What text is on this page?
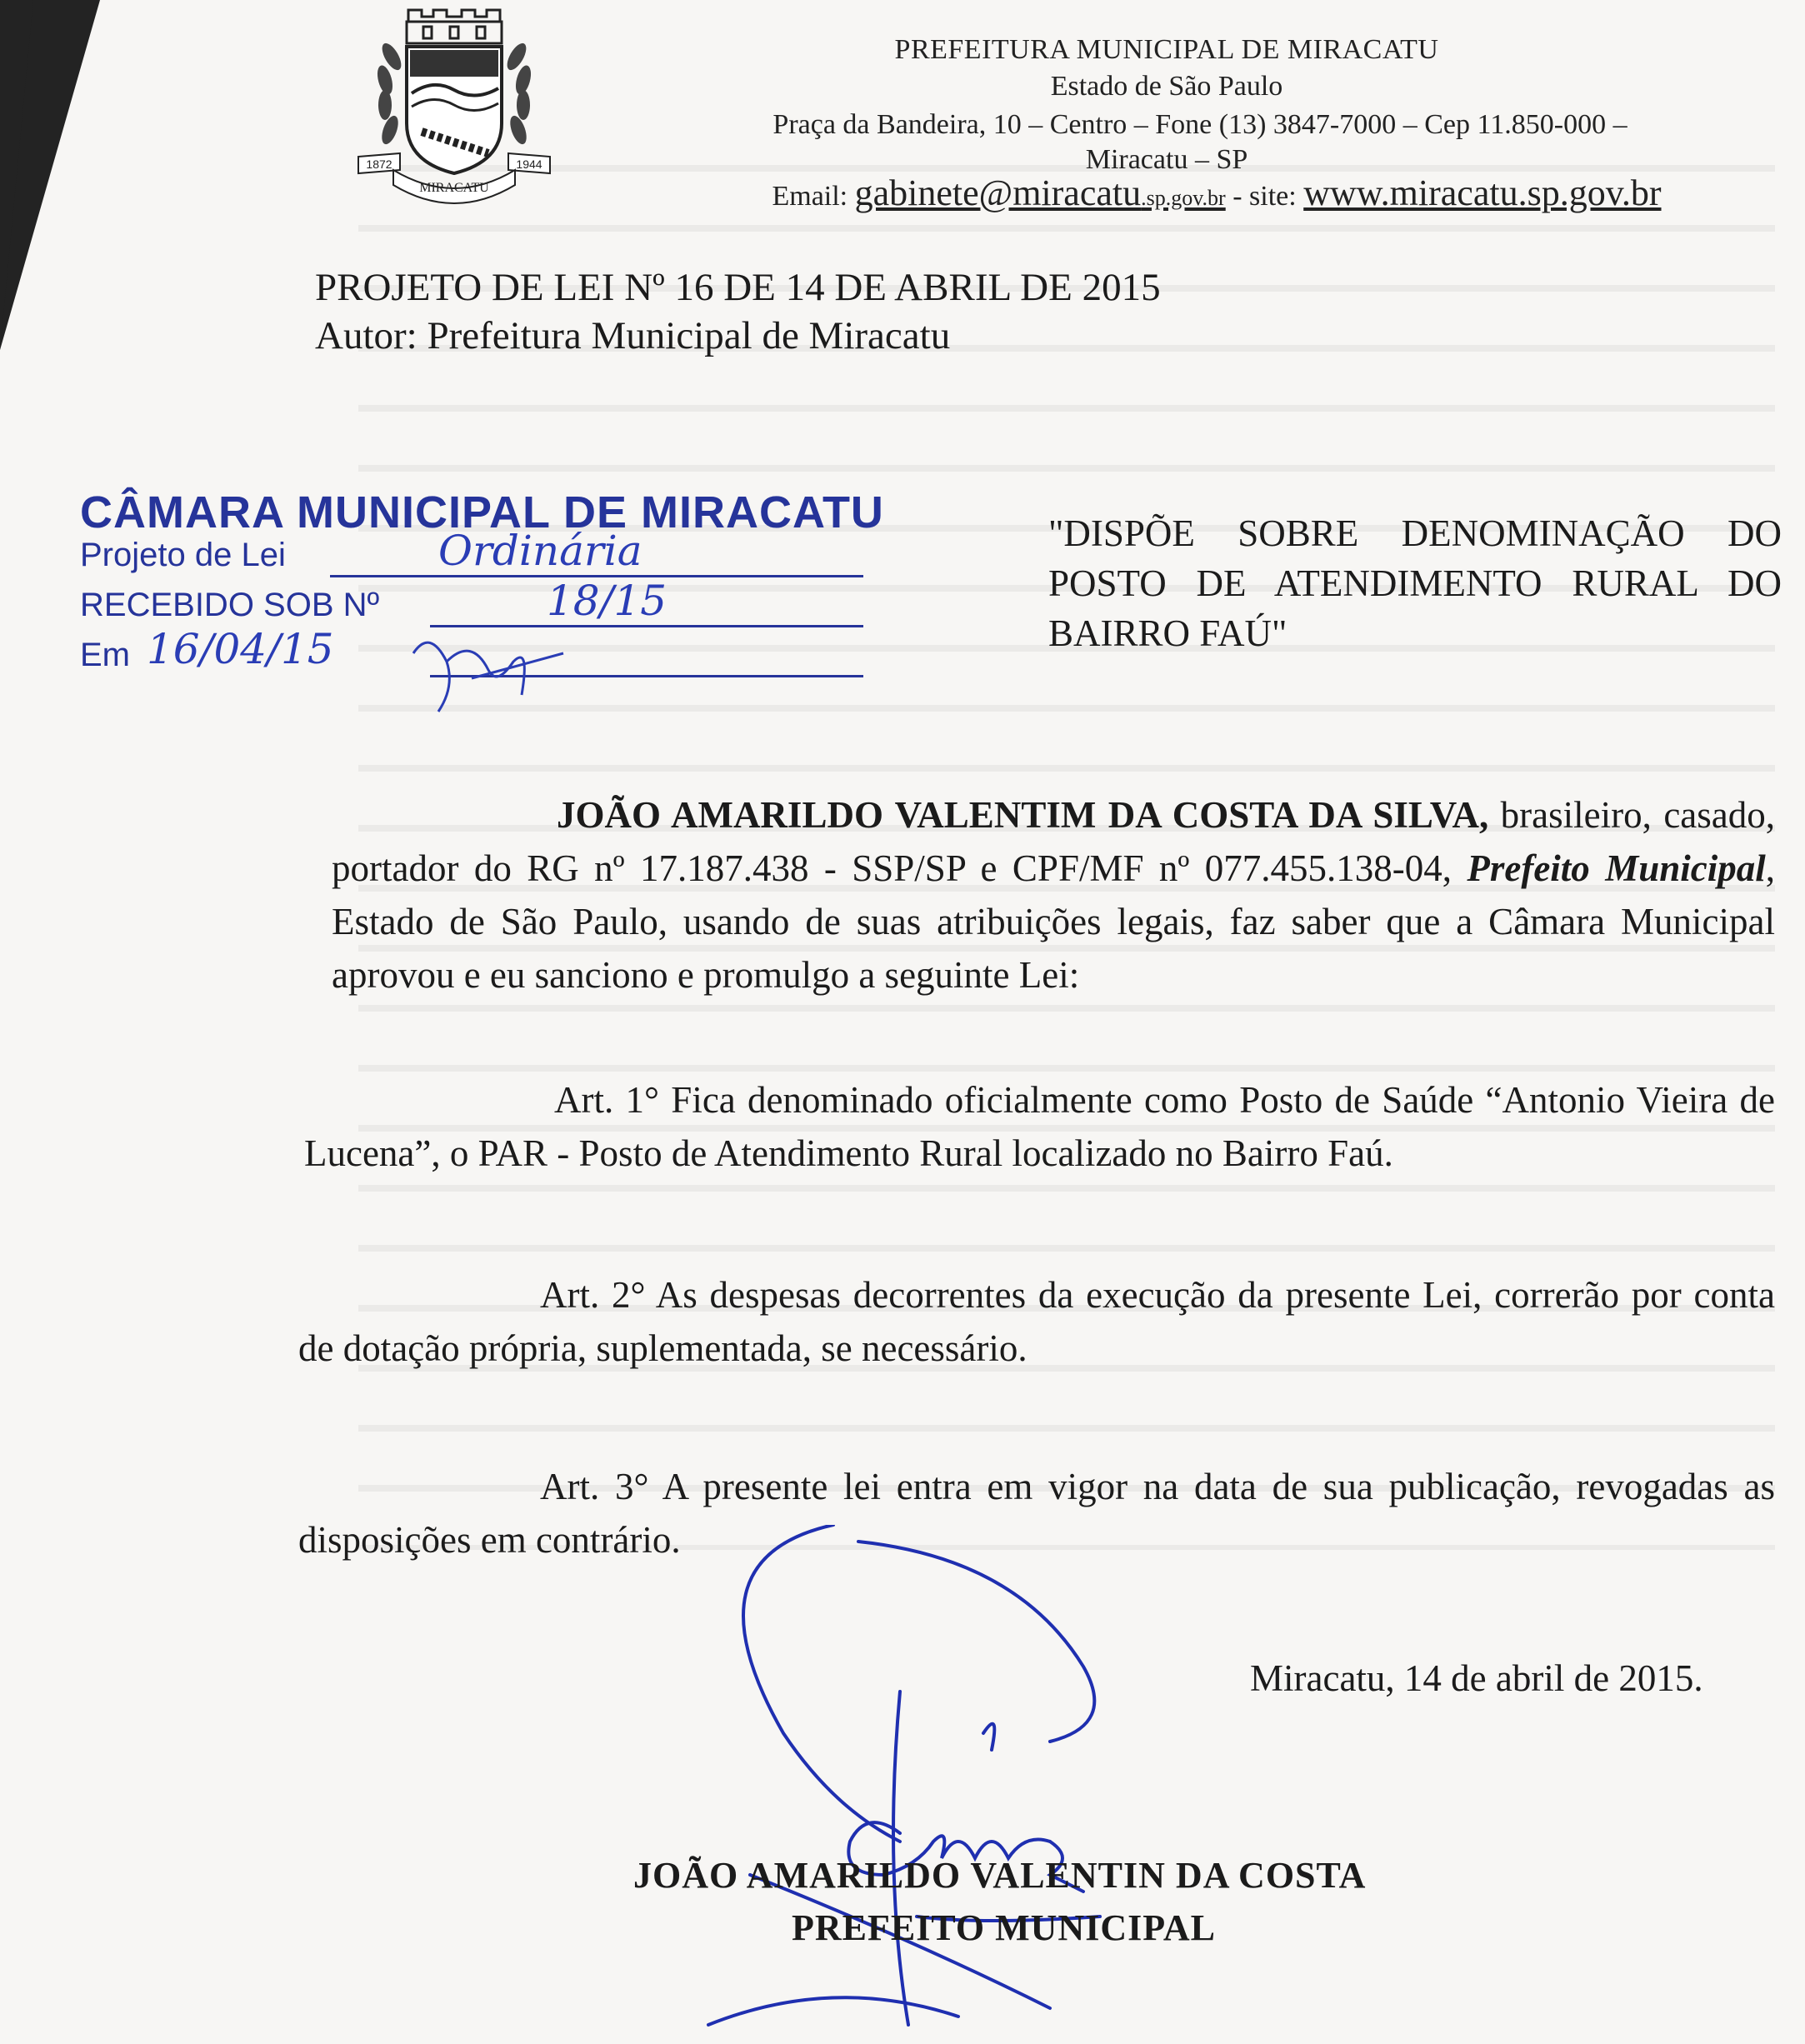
1872	1944
MIRACATU
PREFEITURA MUNICIPAL DE MIRACATU
Estado de São Paulo
Praça da Bandeira, 10 – Centro – Fone (13) 3847-7000 – Cep 11.850-000 –
Miracatu – SP
Email: gabinete@miracatu.sp.gov.br - site: www.miracatu.sp.gov.br
PROJETO DE LEI Nº 16 DE 14 DE ABRIL DE 2015
Autor: Prefeitura Municipal de Miracatu
CÂMARA MUNICIPAL DE MIRACATU
Projeto de Lei	Ordinária
RECEBIDO SOB Nº	18/15
Em 16/04/15
"DISPÕE SOBRE DENOMINAÇÃO DO POSTO DE ATENDIMENTO RURAL DO BAIRRO FAÚ"
JOÃO AMARILDO VALENTIM DA COSTA DA SILVA, brasileiro, casado, portador do RG nº 17.187.438 - SSP/SP e CPF/MF nº 077.455.138-04, Prefeito Municipal, Estado de São Paulo, usando de suas atribuições legais, faz saber que a Câmara Municipal aprovou e eu sanciono e promulgo a seguinte Lei:
Art. 1° Fica denominado oficialmente como Posto de Saúde “Antonio Vieira de Lucena”, o PAR - Posto de Atendimento Rural localizado no Bairro Faú.
Art. 2° As despesas decorrentes da execução da presente Lei, correrão por conta de dotação própria, suplementada, se necessário.
Art. 3° A presente lei entra em vigor na data de sua publicação, revogadas as disposições em contrário.
Miracatu, 14 de abril de 2015.
JOÃO AMARILDO VALENTIN DA COSTA
PREFEITO MUNICIPAL
